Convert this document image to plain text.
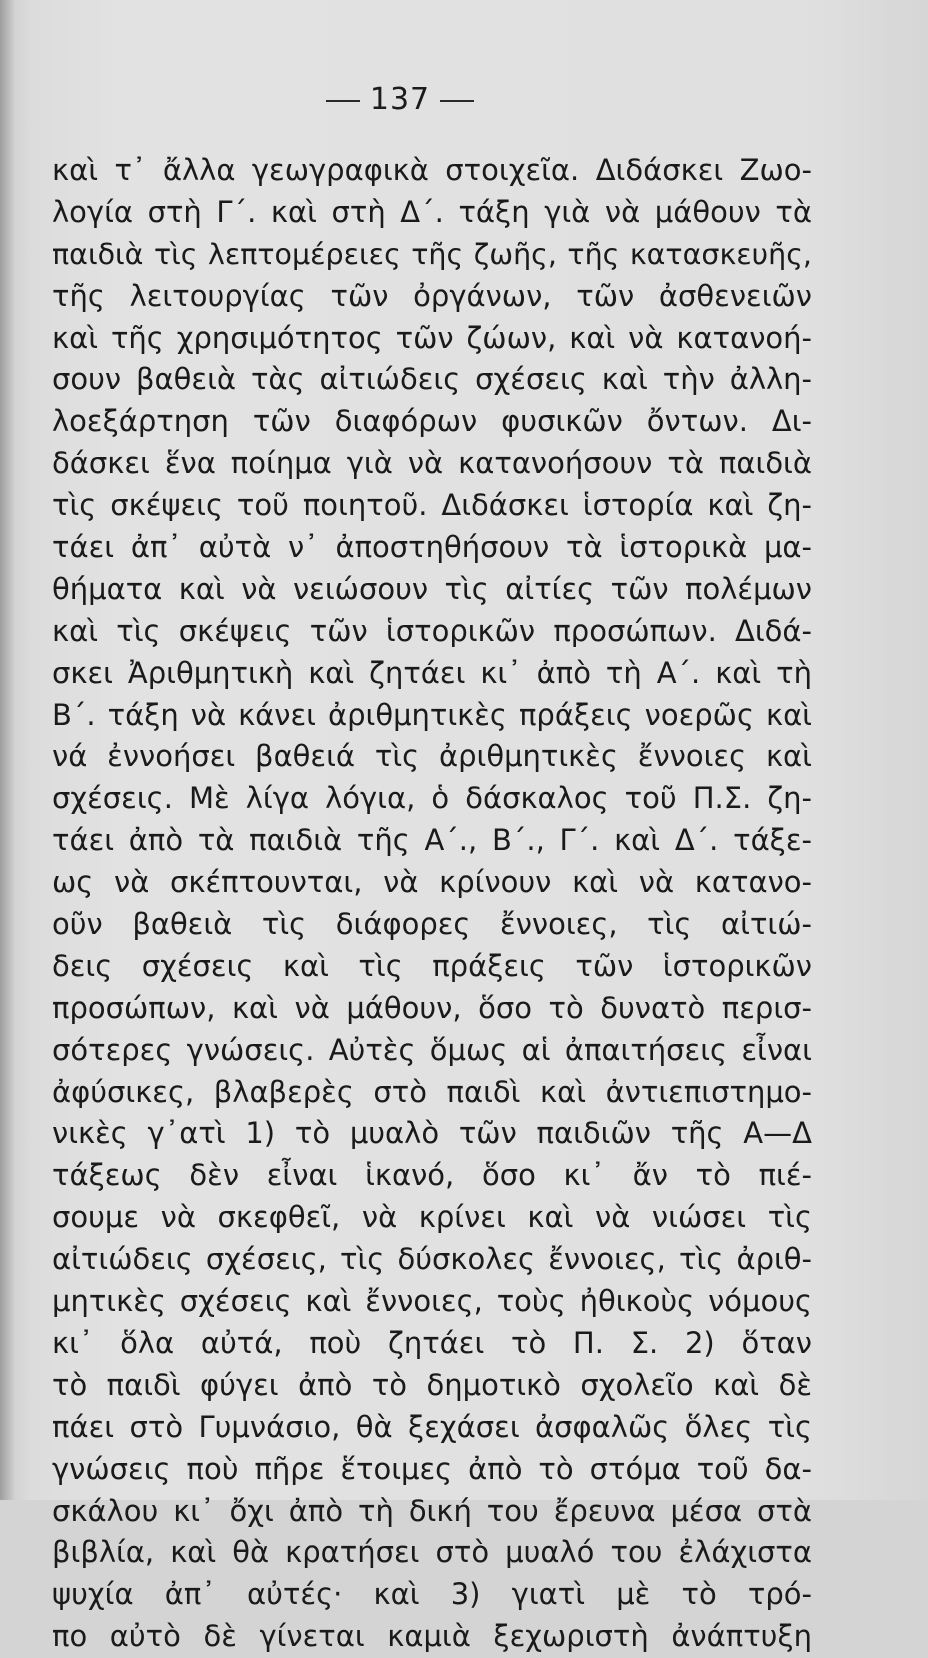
137
καὶ τ᾽ ἄλλα γεωγραφικὰ στοιχεῖα. Διδάσκει Ζωο-
λογία στὴ Γ΄. καὶ στὴ Δ΄. τάξη γιὰ νὰ μάθουν τὰ
παιδιὰ τὶς λεπτομέρειες τῆς ζωῆς, τῆς κατασκευῆς,
τῆς λειτουργίας τῶν ὀργάνων, τῶν ἀσθενειῶν
καὶ τῆς χρησιμότητος τῶν ζώων, καὶ νὰ κατανοή-
σουν βαθειὰ τὰς αἰτιώδεις σχέσεις καὶ τὴν ἀλλη-
λοεξάρτηση τῶν διαφόρων φυσικῶν ὄντων. Δι-
δάσκει ἕνα ποίημα γιὰ νὰ κατανοήσουν τὰ παιδιὰ
τὶς σκέψεις τοῦ ποιητοῦ. Διδάσκει ἱστορία καὶ ζη-
τάει ἀπ᾽ αὐτὰ ν᾽ ἀποστηθήσουν τὰ ἱστορικὰ μα-
θήματα καὶ νὰ νειώσουν τὶς αἰτίες τῶν πολέμων
καὶ τὶς σκέψεις τῶν ἱστορικῶν προσώπων. Διδά-
σκει Ἀριθμητικὴ καὶ ζητάει κι᾽ ἀπὸ τὴ Α΄. καὶ τὴ
Β΄. τάξη νὰ κάνει ἀριθμητικὲς πράξεις νοερῶς καὶ
νά ἐννοήσει βαθειά τὶς ἀριθμητικὲς ἔννοιες καὶ
σχέσεις. Μὲ λίγα λόγια, ὁ δάσκαλος τοῦ Π.Σ. ζη-
τάει ἀπὸ τὰ παιδιὰ τῆς Α΄., Β΄., Γ΄. καὶ Δ΄. τάξε-
ως νὰ σκέπτουνται, νὰ κρίνουν καὶ νὰ κατανο-
οῦν βαθειὰ τὶς διάφορες ἔννοιες, τὶς αἰτιώ-
δεις σχέσεις καὶ τὶς πράξεις τῶν ἱστορικῶν
προσώπων, καὶ νὰ μάθουν, ὅσο τὸ δυνατὸ περισ-
σότερες γνώσεις. Αὐτὲς ὅμως αἱ ἀπαιτήσεις εἶναι
ἀφύσικες, βλαβερὲς στὸ παιδὶ καὶ ἀντιεπιστημο-
νικὲς γ᾽ατὶ 1) τὸ μυαλὸ τῶν παιδιῶν τῆς Α—Δ
τάξεως δὲν εἶναι ἱκανό, ὅσο κι᾽ ἄν τὸ πιέ-
σουμε νὰ σκεφθεῖ, νὰ κρίνει καὶ νὰ νιώσει τὶς
αἰτιώδεις σχέσεις, τὶς δύσκολες ἔννοιες, τὶς ἀριθ-
μητικὲς σχέσεις καὶ ἔννοιες, τοὺς ἠθικοὺς νόμους
κι᾽ ὅλα αὐτά, ποὺ ζητάει τὸ Π. Σ. 2) ὅταν
τὸ παιδὶ φύγει ἀπὸ τὸ δημοτικὸ σχολεῖο καὶ δὲ
πάει στὸ Γυμνάσιο, θὰ ξεχάσει ἀσφαλῶς ὅλες τὶς
γνώσεις ποὺ πῆρε ἕτοιμες ἀπὸ τὸ στόμα τοῦ δα-
σκάλου κι᾽ ὄχι ἀπὸ τὴ δική του ἔρευνα μέσα στὰ
βιβλία, καὶ θὰ κρατήσει στὸ μυαλό του ἐλάχιστα
ψυχία ἀπ᾽ αὐτές· καὶ 3) γιατὶ μὲ τὸ τρό-
πο αὐτὸ δὲ γίνεται καμιὰ ξεχωριστὴ ἀνάπτυξη
